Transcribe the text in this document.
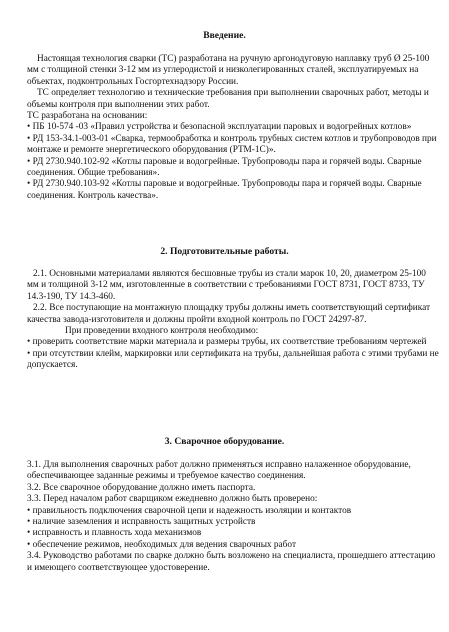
Введение.

Настоящая технология сварки (ТС) разработана на ручную аргонодуговую наплавку труб Ø 25-100 мм с толщиной стенки 3-12 мм из углеродистой и низколегированных сталей, эксплуатируемых на объектах, подконтрольных Госгортехнадзору России.

ТС определяет технологию и технические требования при выполнении сварочных работ, методы и объемы контроля при выполнении этих работ.

ТС разработана на основании:

• ПБ 10-574 -03 «Правил устройства и безопасной эксплуатации паровых и водогрейных котлов»

• РД 153-34.1-003-01 «Сварка, термообработка и контроль трубных систем котлов и трубопроводов при монтаже и ремонте энергетического оборудования (РТМ-1С)».

• РД 2730.940.102-92 «Котлы паровые и водогрейные. Трубопроводы пара и горячей воды. Сварные соединения. Общие требования».

• РД 2730.940.103-92 «Котлы паровые и водогрейные. Трубопроводы пара и горячей воды. Сварные соединения. Контроль качества».

2. Подготовительные работы.

2.1. Основными материалами являются бесшовные трубы из стали марок 10, 20, диаметром 25-100 мм и толщиной 3-12 мм, изготовленные в соответствии с требованиями ГОСТ 8731, ГОСТ 8733, ТУ 14.3-190, ТУ 14.3-460.

2.2. Все поступающие на монтажную площадку трубы должны иметь соответствующий сертификат качества завода-изготовителя и должны пройти входной контроль по ГОСТ 24297-87.

При проведении входного контроля необходимо:

• проверить соответствие марки материала и размеры трубы, их соответствие требованиям чертежей

• при отсутствии клейм, маркировки или сертификата на трубы, дальнейшая работа с этими трубами не допускается.

3. Сварочное оборудование.

3.1. Для выполнения сварочных работ должно применяться исправно налаженное оборудование, обеспечивающее заданные режимы и требуемое качество соединения.

3.2. Все сварочное оборудование должно иметь паспорта.

3.3. Перед началом работ сварщиком ежедневно должно быть проверено:

• правильность подключения сварочной цепи и надежность изоляции и контактов

• наличие заземления и исправность защитных устройств

• исправность и плавность хода механизмов

• обеспечение режимов, необходимых для ведения сварочных работ

3.4. Руководство работами по сварке должно быть возложено на специалиста, прошедшего аттестацию и имеющего соответствующее удостоверение.
